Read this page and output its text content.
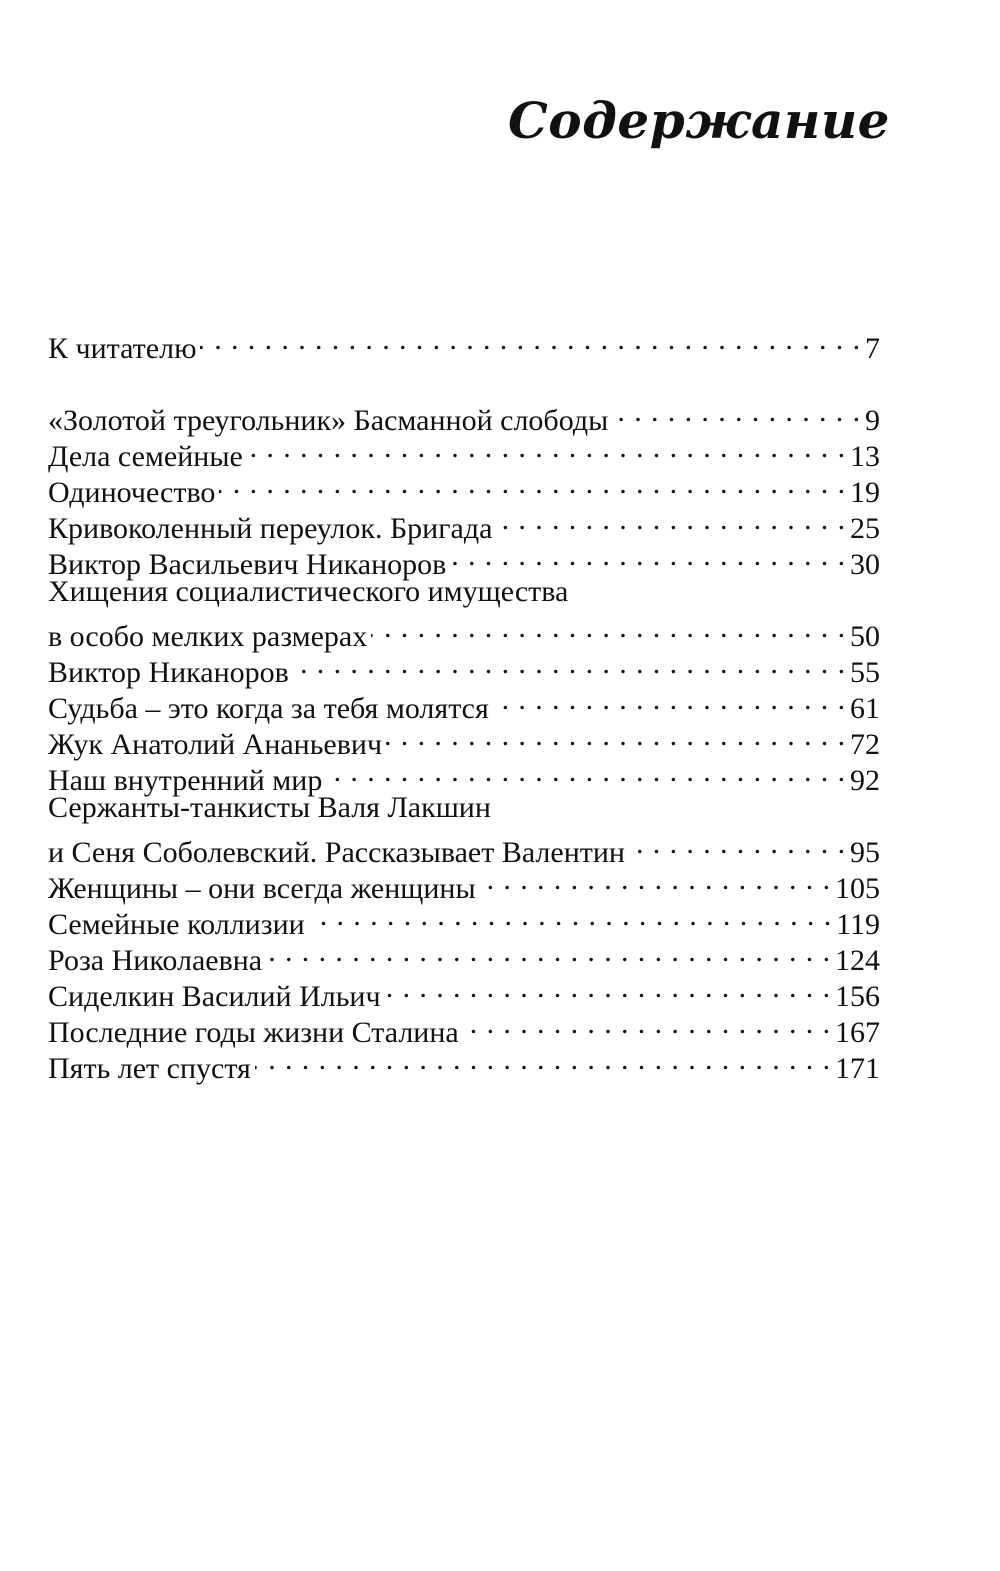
Содержание
К читателю . . .	7
«Золотой треугольник» Басманной слободы . . .	9
Дела семейные . . .	13
Одиночество . . .	19
Кривоколенный переулок. Бригада . . .	25
Виктор Васильевич Никаноров . . .	30
Хищения социалистического имущества
в особо мелких размерах . . .	50
Виктор Никаноров . . .	55
Судьба – это когда за тебя молятся . . .	61
Жук Анатолий Ананьевич . . .	72
Наш внутренний мир . . .	92
Сержанты-танкисты Валя Лакшин
и Сеня Соболевский. Рассказывает Валентин . . .	95
Женщины – они всегда женщины . . .	105
Семейные коллизии . . .	119
Роза Николаевна . . .	124
Сиделкин Василий Ильич . . .	156
Последние годы жизни Сталина . . .	167
Пять лет спустя . . .	171
